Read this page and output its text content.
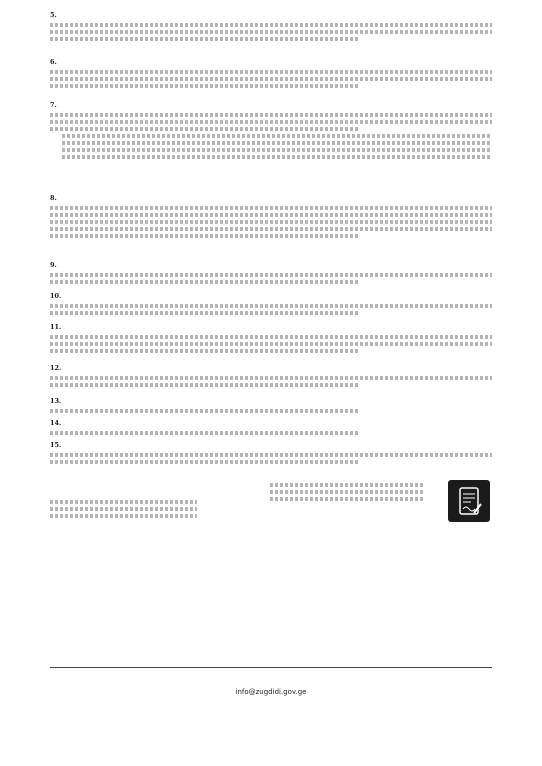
5.
6.
7.
8.
9.
10.
11.
12.
13.
14.
15.
info@zugdidi.gov.ge
